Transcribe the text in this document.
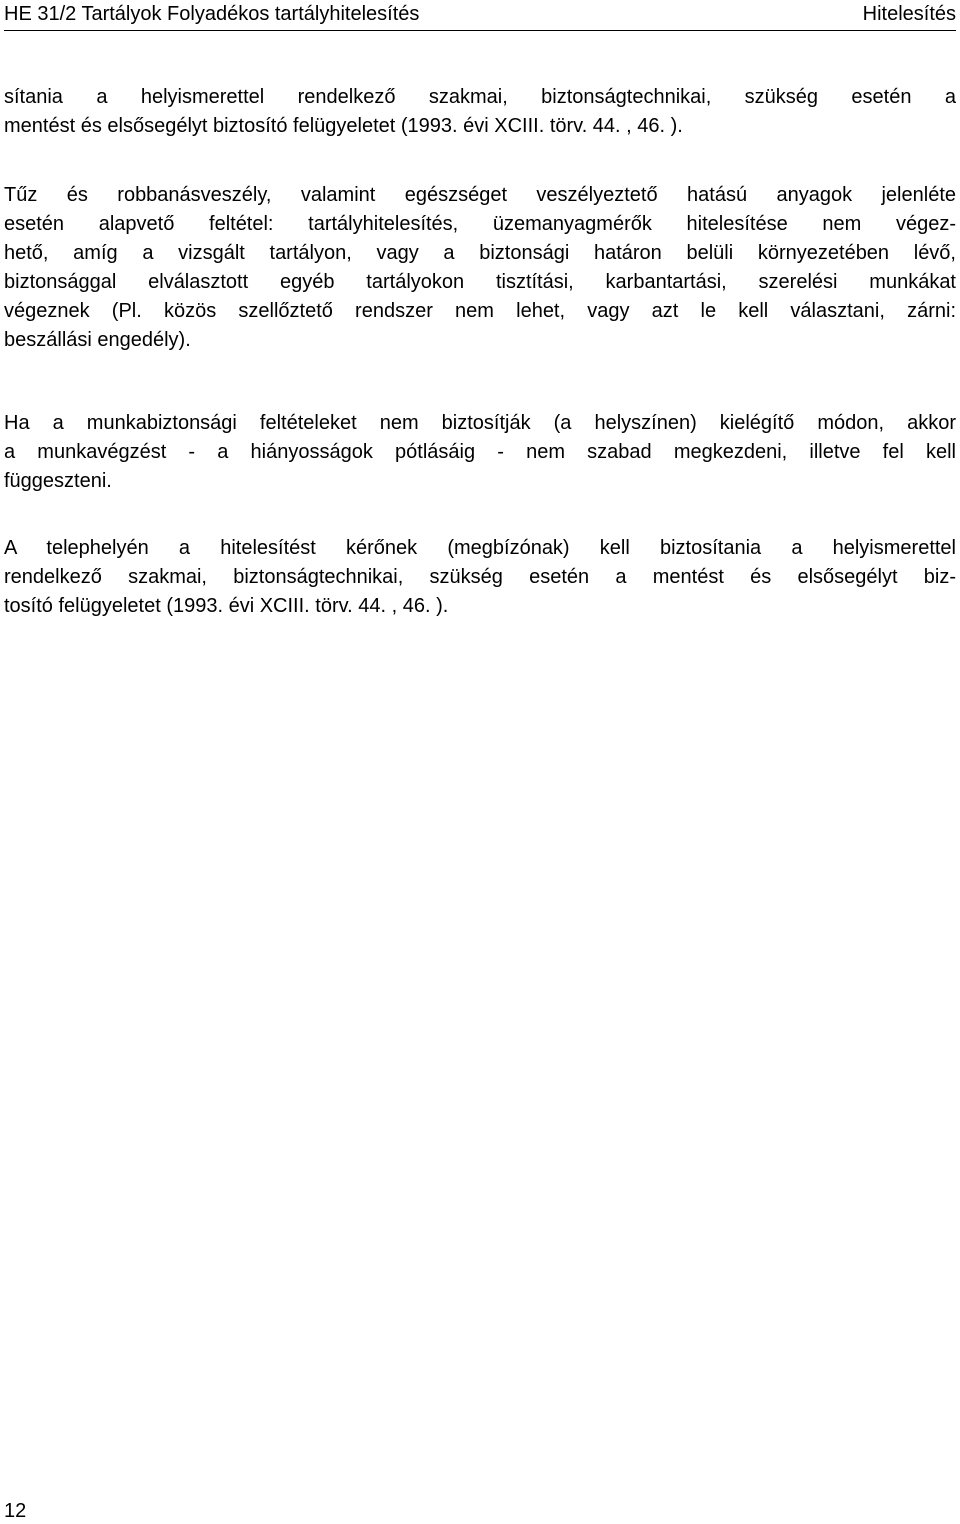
HE 31/2 Tartályok Folyadékos tartályhitelesítés	Hitelesítés
sítania a helyismerettel rendelkező szakmai, biztonságtechnikai, szükség esetén a
mentést és elsősegélyt biztosító felügyeletet (1993. évi XCIII. törv. 44. , 46. ).
Tűz és robbanásveszély, valamint egészséget veszélyeztető hatású anyagok jelenléte
esetén alapvető feltétel: tartályhitelesítés, üzemanyagmérők hitelesítése nem végez-
hető, amíg a vizsgált tartályon, vagy a biztonsági határon belüli környezetében lévő,
biztonsággal elválasztott egyéb tartályokon tisztítási, karbantartási, szerelési munkákat
végeznek (Pl. közös szellőztető rendszer nem lehet, vagy azt le kell választani, zárni:
beszállási engedély).
Ha a munkabiztonsági feltételeket nem biztosítják (a helyszínen) kielégítő módon, akkor
a munkavégzést - a hiányosságok pótlásáig - nem szabad megkezdeni, illetve fel kell
függeszteni.
A telephelyén a hitelesítést kérőnek (megbízónak) kell biztosítania a helyismerettel
rendelkező szakmai, biztonságtechnikai, szükség esetén a mentést és elsősegélyt biz-
tosító felügyeletet (1993. évi XCIII. törv. 44. , 46. ).
12
